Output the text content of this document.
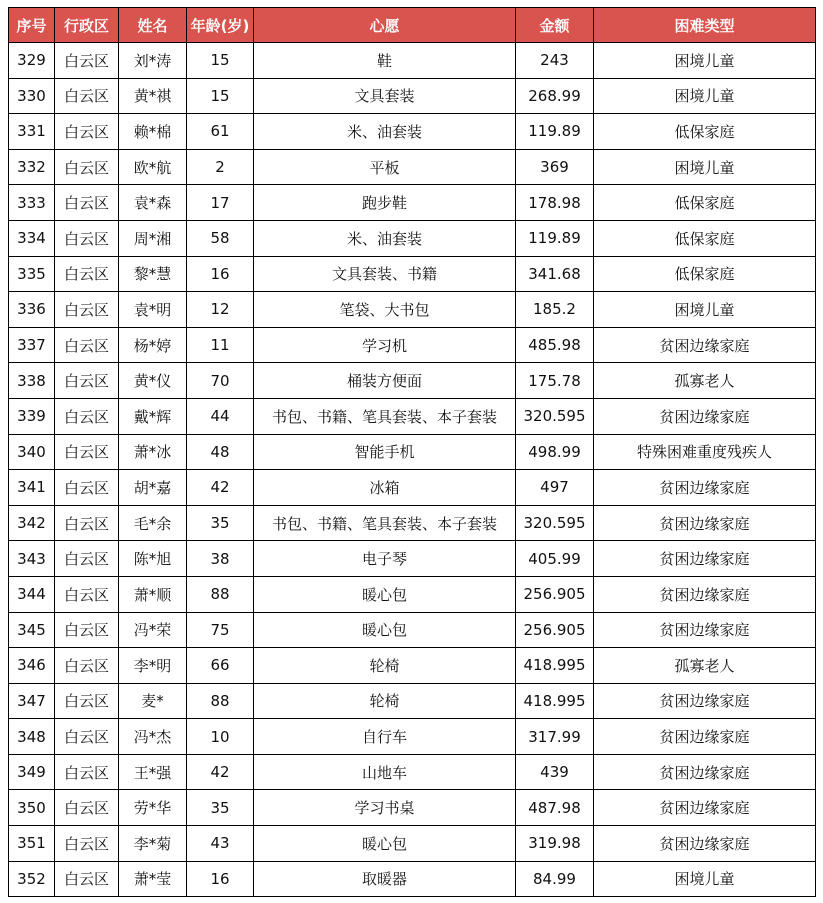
序号	行政区	姓名	年龄(岁)	心愿	金额	困难类型
329	白云区	刘*涛	15	鞋	243	困境儿童
330	白云区	黄*祺	15	文具套装	268.99	困境儿童
331	白云区	赖*棉	61	米、油套装	119.89	低保家庭
332	白云区	欧*航	2	平板	369	困境儿童
333	白云区	袁*森	17	跑步鞋	178.98	低保家庭
334	白云区	周*湘	58	米、油套装	119.89	低保家庭
335	白云区	黎*慧	16	文具套装、书籍	341.68	低保家庭
336	白云区	袁*明	12	笔袋、大书包	185.2	困境儿童
337	白云区	杨*婷	11	学习机	485.98	贫困边缘家庭
338	白云区	黄*仪	70	桶装方便面	175.78	孤寡老人
339	白云区	戴*辉	44	书包、书籍、笔具套装、本子套装	320.595	贫困边缘家庭
340	白云区	萧*冰	48	智能手机	498.99	特殊困难重度残疾人
341	白云区	胡*嘉	42	冰箱	497	贫困边缘家庭
342	白云区	毛*余	35	书包、书籍、笔具套装、本子套装	320.595	贫困边缘家庭
343	白云区	陈*旭	38	电子琴	405.99	贫困边缘家庭
344	白云区	萧*顺	88	暖心包	256.905	贫困边缘家庭
345	白云区	冯*荣	75	暖心包	256.905	贫困边缘家庭
346	白云区	李*明	66	轮椅	418.995	孤寡老人
347	白云区	麦*	88	轮椅	418.995	贫困边缘家庭
348	白云区	冯*杰	10	自行车	317.99	贫困边缘家庭
349	白云区	王*强	42	山地车	439	贫困边缘家庭
350	白云区	劳*华	35	学习书桌	487.98	贫困边缘家庭
351	白云区	李*菊	43	暖心包	319.98	贫困边缘家庭
352	白云区	萧*莹	16	取暖器	84.99	困境儿童
